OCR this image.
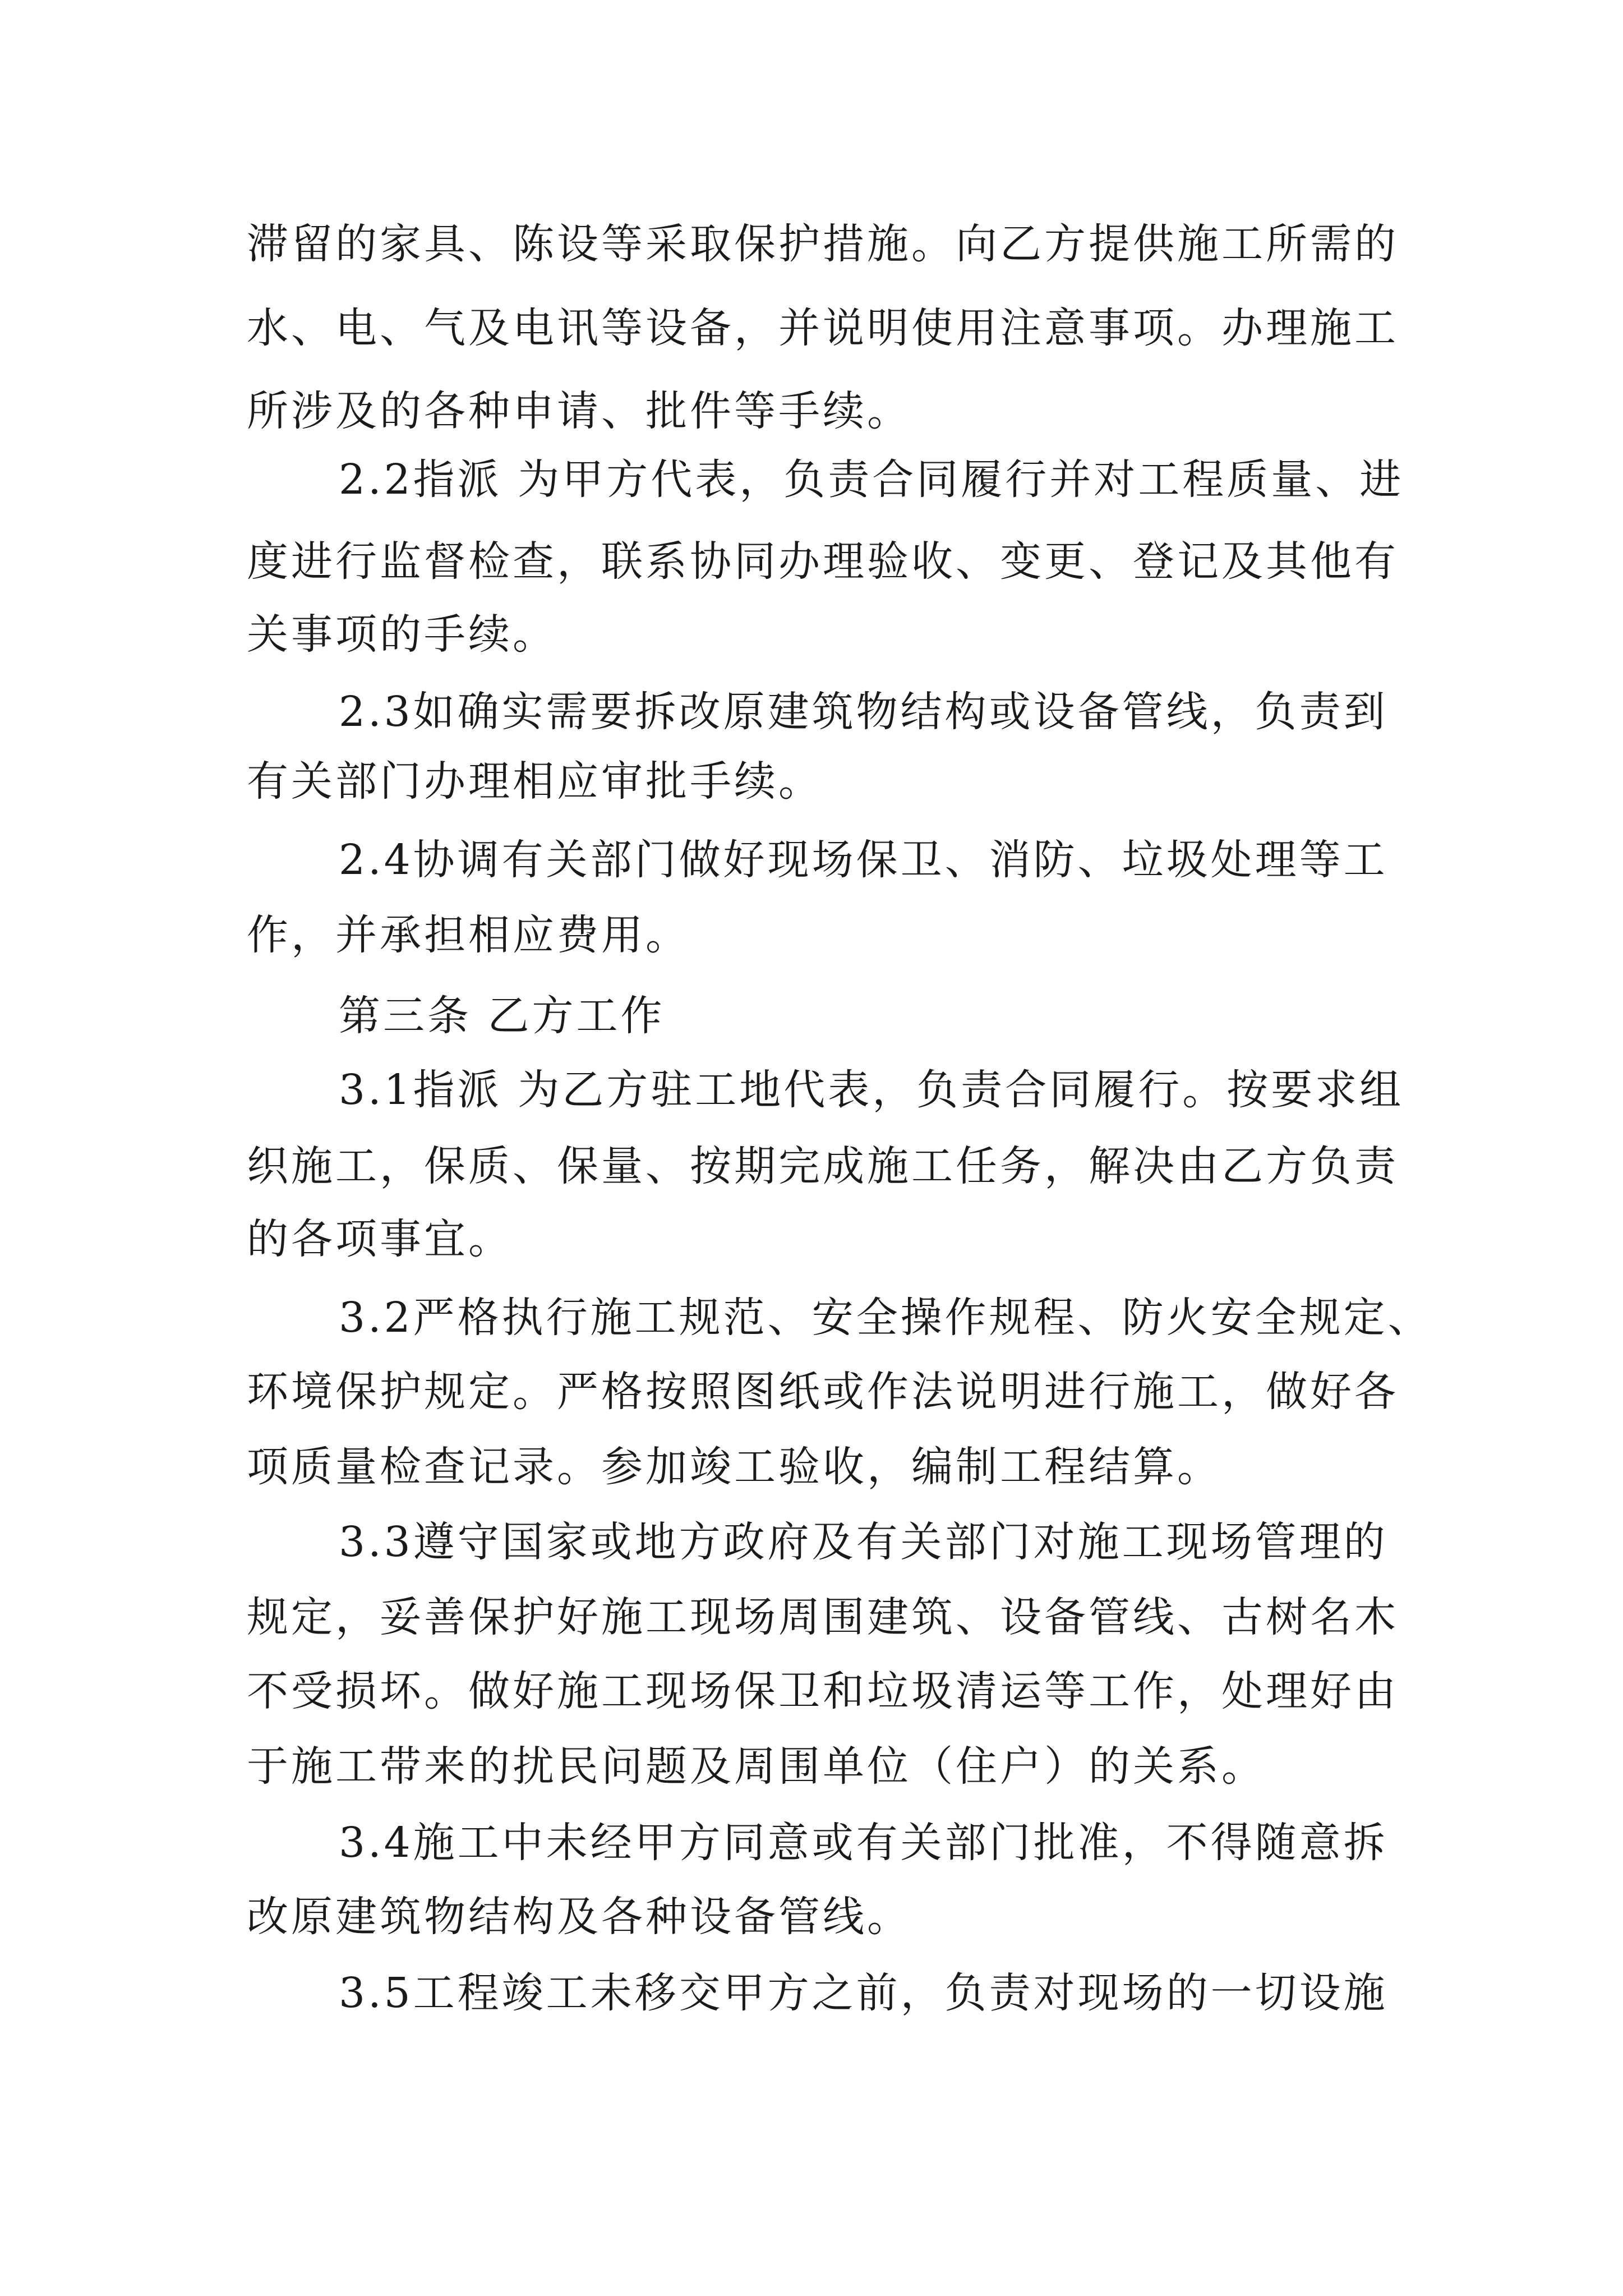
滞留的家具、陈设等采取保护措施。向乙方提供施工所需的

水、电、气及电讯等设备，并说明使用注意事项。办理施工

所涉及的各种申请、批件等手续。

2.2指派 为甲方代表，负责合同履行并对工程质量、进

度进行监督检查，联系协同办理验收、变更、登记及其他有

关事项的手续。

2.3如确实需要拆改原建筑物结构或设备管线，负责到

有关部门办理相应审批手续。

2.4协调有关部门做好现场保卫、消防、垃圾处理等工

作，并承担相应费用。

第三条 乙方工作

3.1指派 为乙方驻工地代表，负责合同履行。按要求组

织施工，保质、保量、按期完成施工任务，解决由乙方负责

的各项事宜。

3.2严格执行施工规范、安全操作规程、防火安全规定、

环境保护规定。严格按照图纸或作法说明进行施工，做好各

项质量检查记录。参加竣工验收，编制工程结算。

3.3遵守国家或地方政府及有关部门对施工现场管理的

规定，妥善保护好施工现场周围建筑、设备管线、古树名木

不受损坏。做好施工现场保卫和垃圾清运等工作，处理好由

于施工带来的扰民问题及周围单位（住户）的关系。

3.4施工中未经甲方同意或有关部门批准，不得随意拆

改原建筑物结构及各种设备管线。

3.5工程竣工未移交甲方之前，负责对现场的一切设施
